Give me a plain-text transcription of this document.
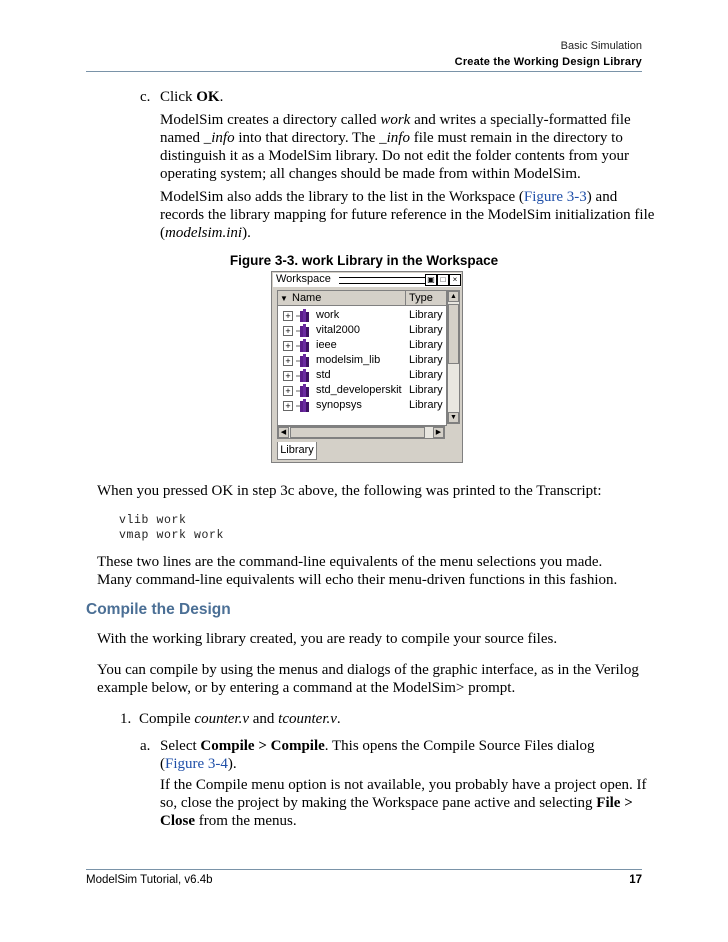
Basic Simulation
Create the Working Design Library
c. Click OK.
ModelSim creates a directory called work and writes a specially-formatted file named _info into that directory. The _info file must remain in the directory to distinguish it as a ModelSim library. Do not edit the folder contents from your operating system; all changes should be made from within ModelSim.
ModelSim also adds the library to the list in the Workspace (Figure 3-3) and records the library mapping for future reference in the ModelSim initialization file (modelsim.ini).
Figure 3-3. work Library in the Workspace
Workspace	▣ □ ×
▼ Name	Type
+ work	Library
+ vital2000	Library
+ ieee	Library
+ modelsim_lib	Library
+ std	Library
+ std_developerskit Library
+ synopsys	Library
▲
▼
◀	▶
Library
When you pressed OK in step 3c above, the following was printed to the Transcript:
vlib work
vmap work work
These two lines are the command-line equivalents of the menu selections you made. Many command-line equivalents will echo their menu-driven functions in this fashion.
Compile the Design
With the working library created, you are ready to compile your source files.
You can compile by using the menus and dialogs of the graphic interface, as in the Verilog example below, or by entering a command at the ModelSim> prompt.
1. Compile counter.v and tcounter.v.
a. Select Compile > Compile. This opens the Compile Source Files dialog (Figure 3-4).
If the Compile menu option is not available, you probably have a project open. If so, close the project by making the Workspace pane active and selecting File > Close from the menus.
ModelSim Tutorial, v6.4b	17
